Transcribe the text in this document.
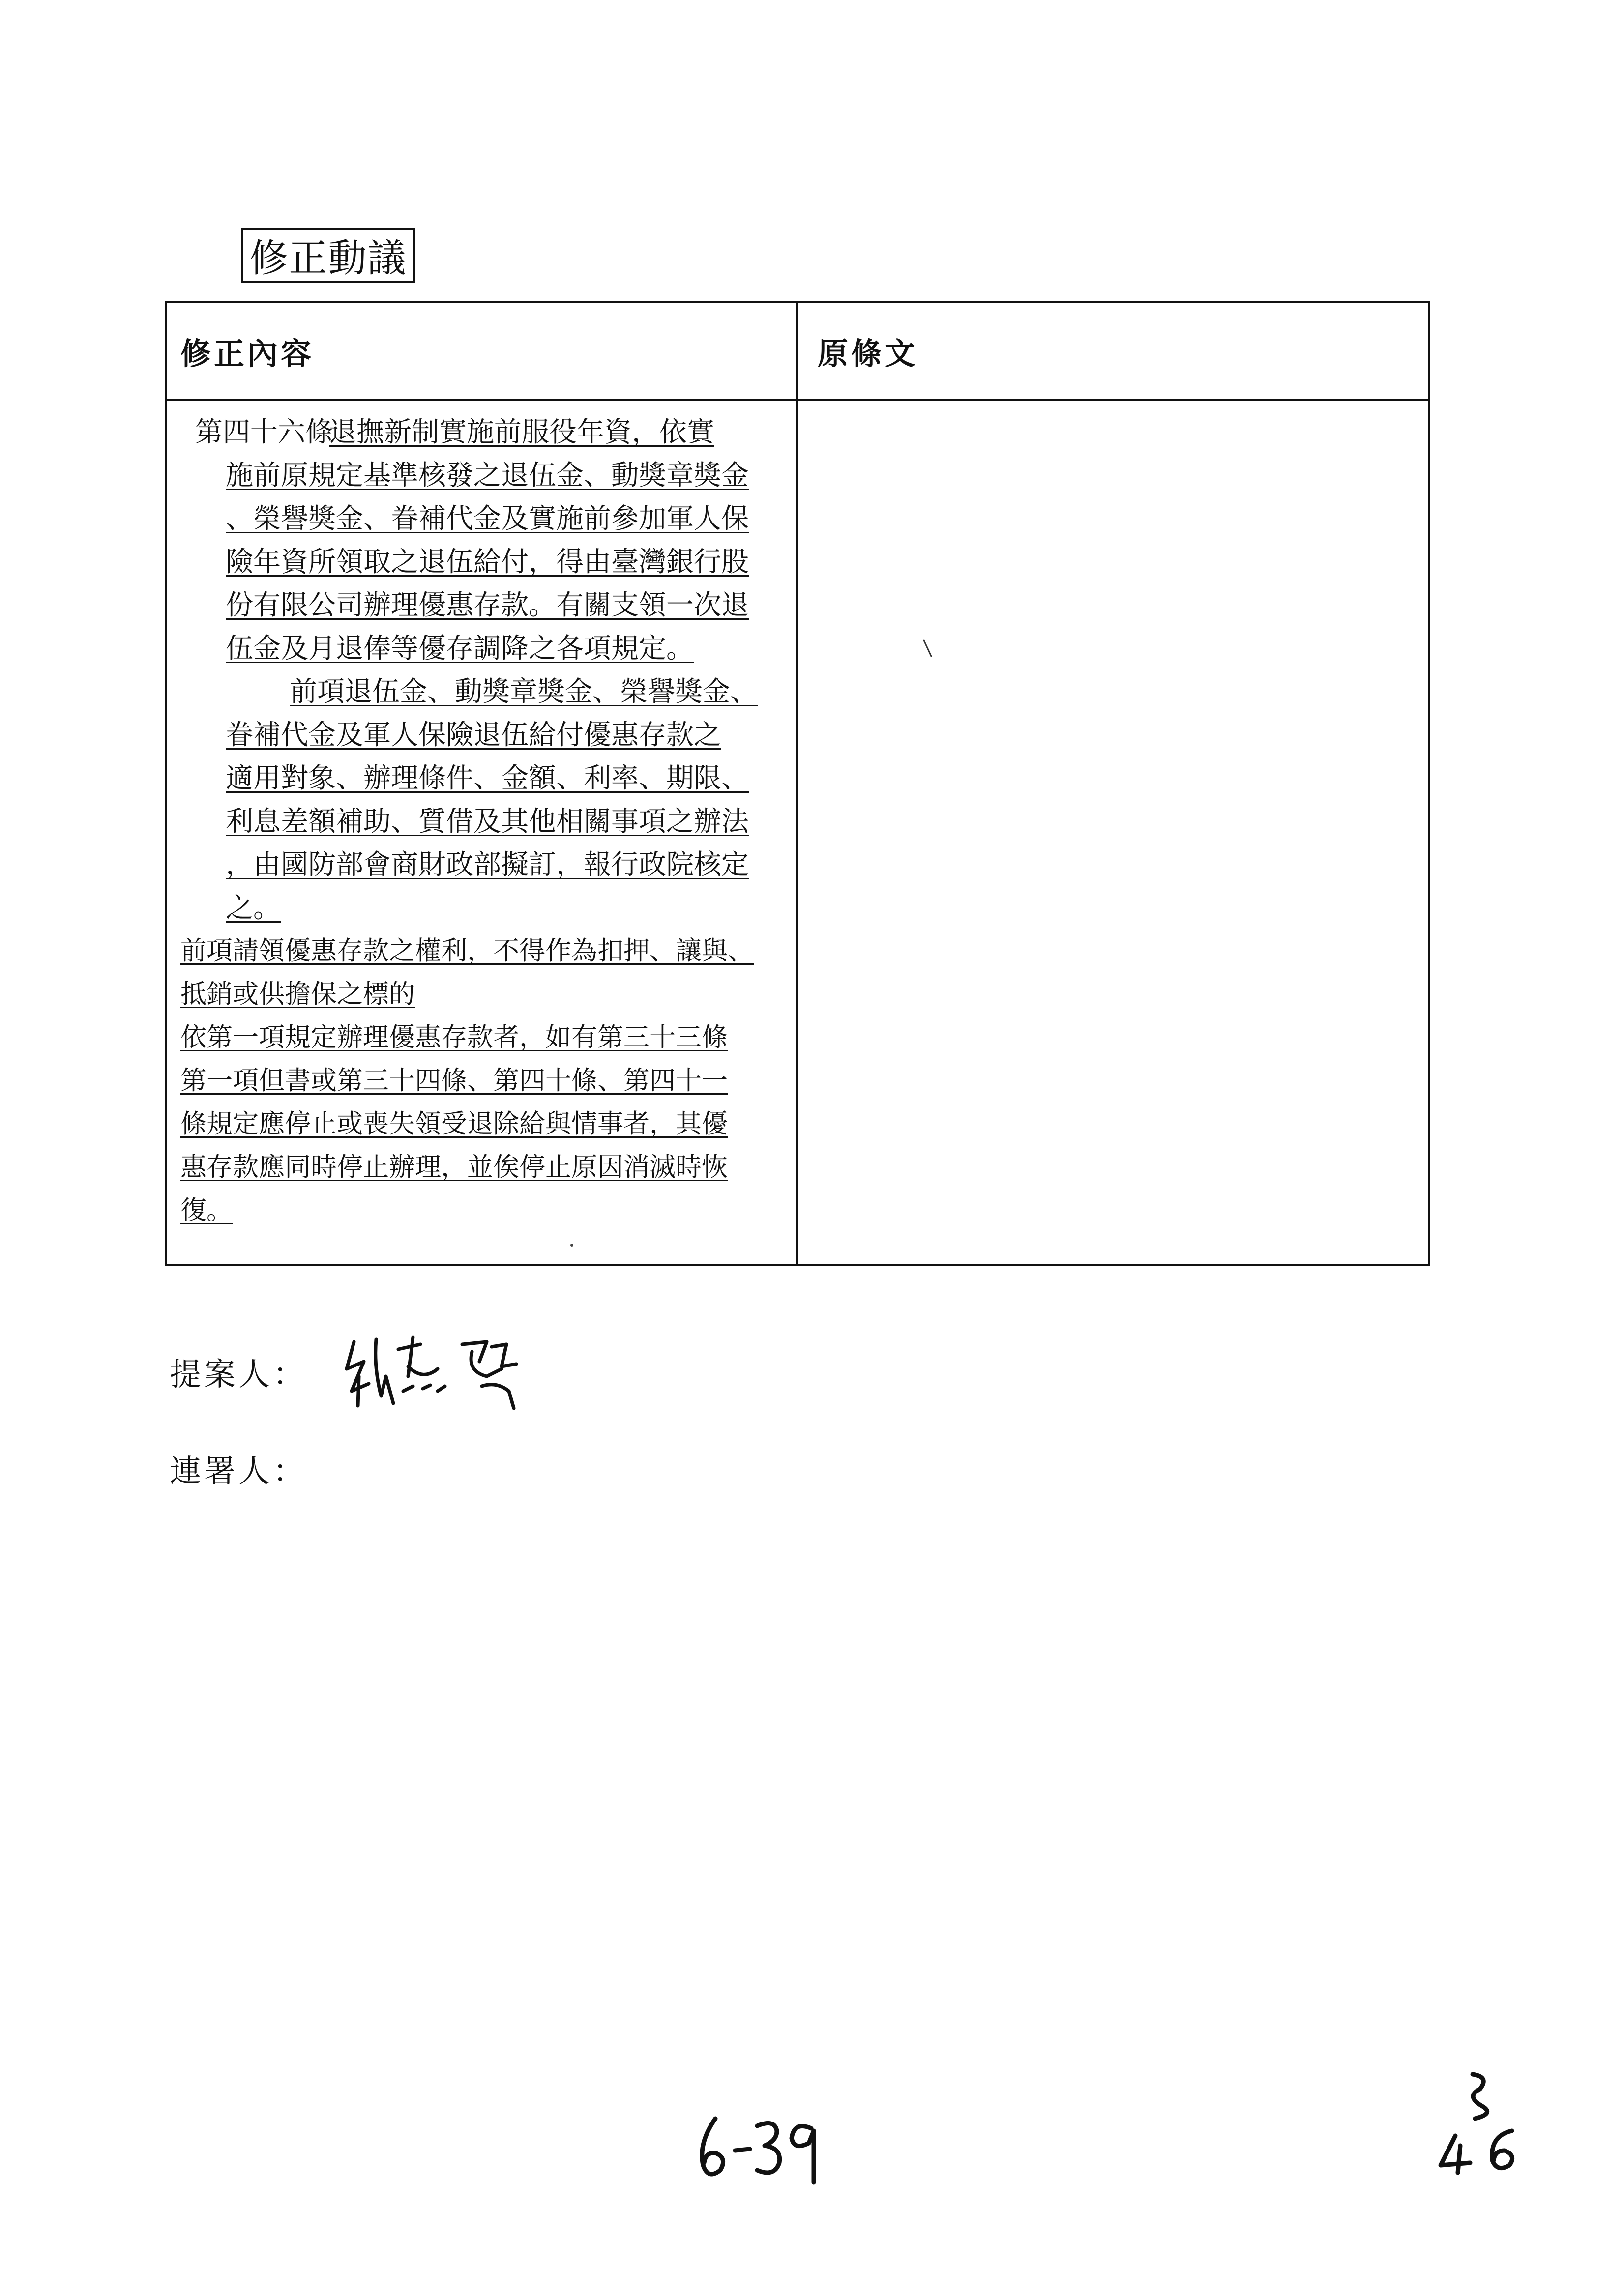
修正動議
修正內容	原條文
第四十六條
退撫新制實施前服役年資，依實
施前原規定基準核發之退伍金、動獎章獎金
、榮譽獎金、眷補代金及實施前參加軍人保
險年資所領取之退伍給付，得由臺灣銀行股
份有限公司辦理優惠存款。有關支領一次退
伍金及月退俸等優存調降之各項規定。
前項退伍金、動獎章獎金、榮譽獎金、
眷補代金及軍人保險退伍給付優惠存款之
適用對象、辦理條件、金額、利率、期限、
利息差額補助、質借及其他相關事項之辦法
，由國防部會商財政部擬訂，報行政院核定
之。
前項請領優惠存款之權利，不得作為扣押、讓與、
抵銷或供擔保之標的
依第一項規定辦理優惠存款者，如有第三十三條
第一項但書或第三十四條、第四十條、第四十一
條規定應停止或喪失領受退除給與情事者，其優
惠存款應同時停止辦理，並俟停止原因消滅時恢
復。
提案人：
連署人：
